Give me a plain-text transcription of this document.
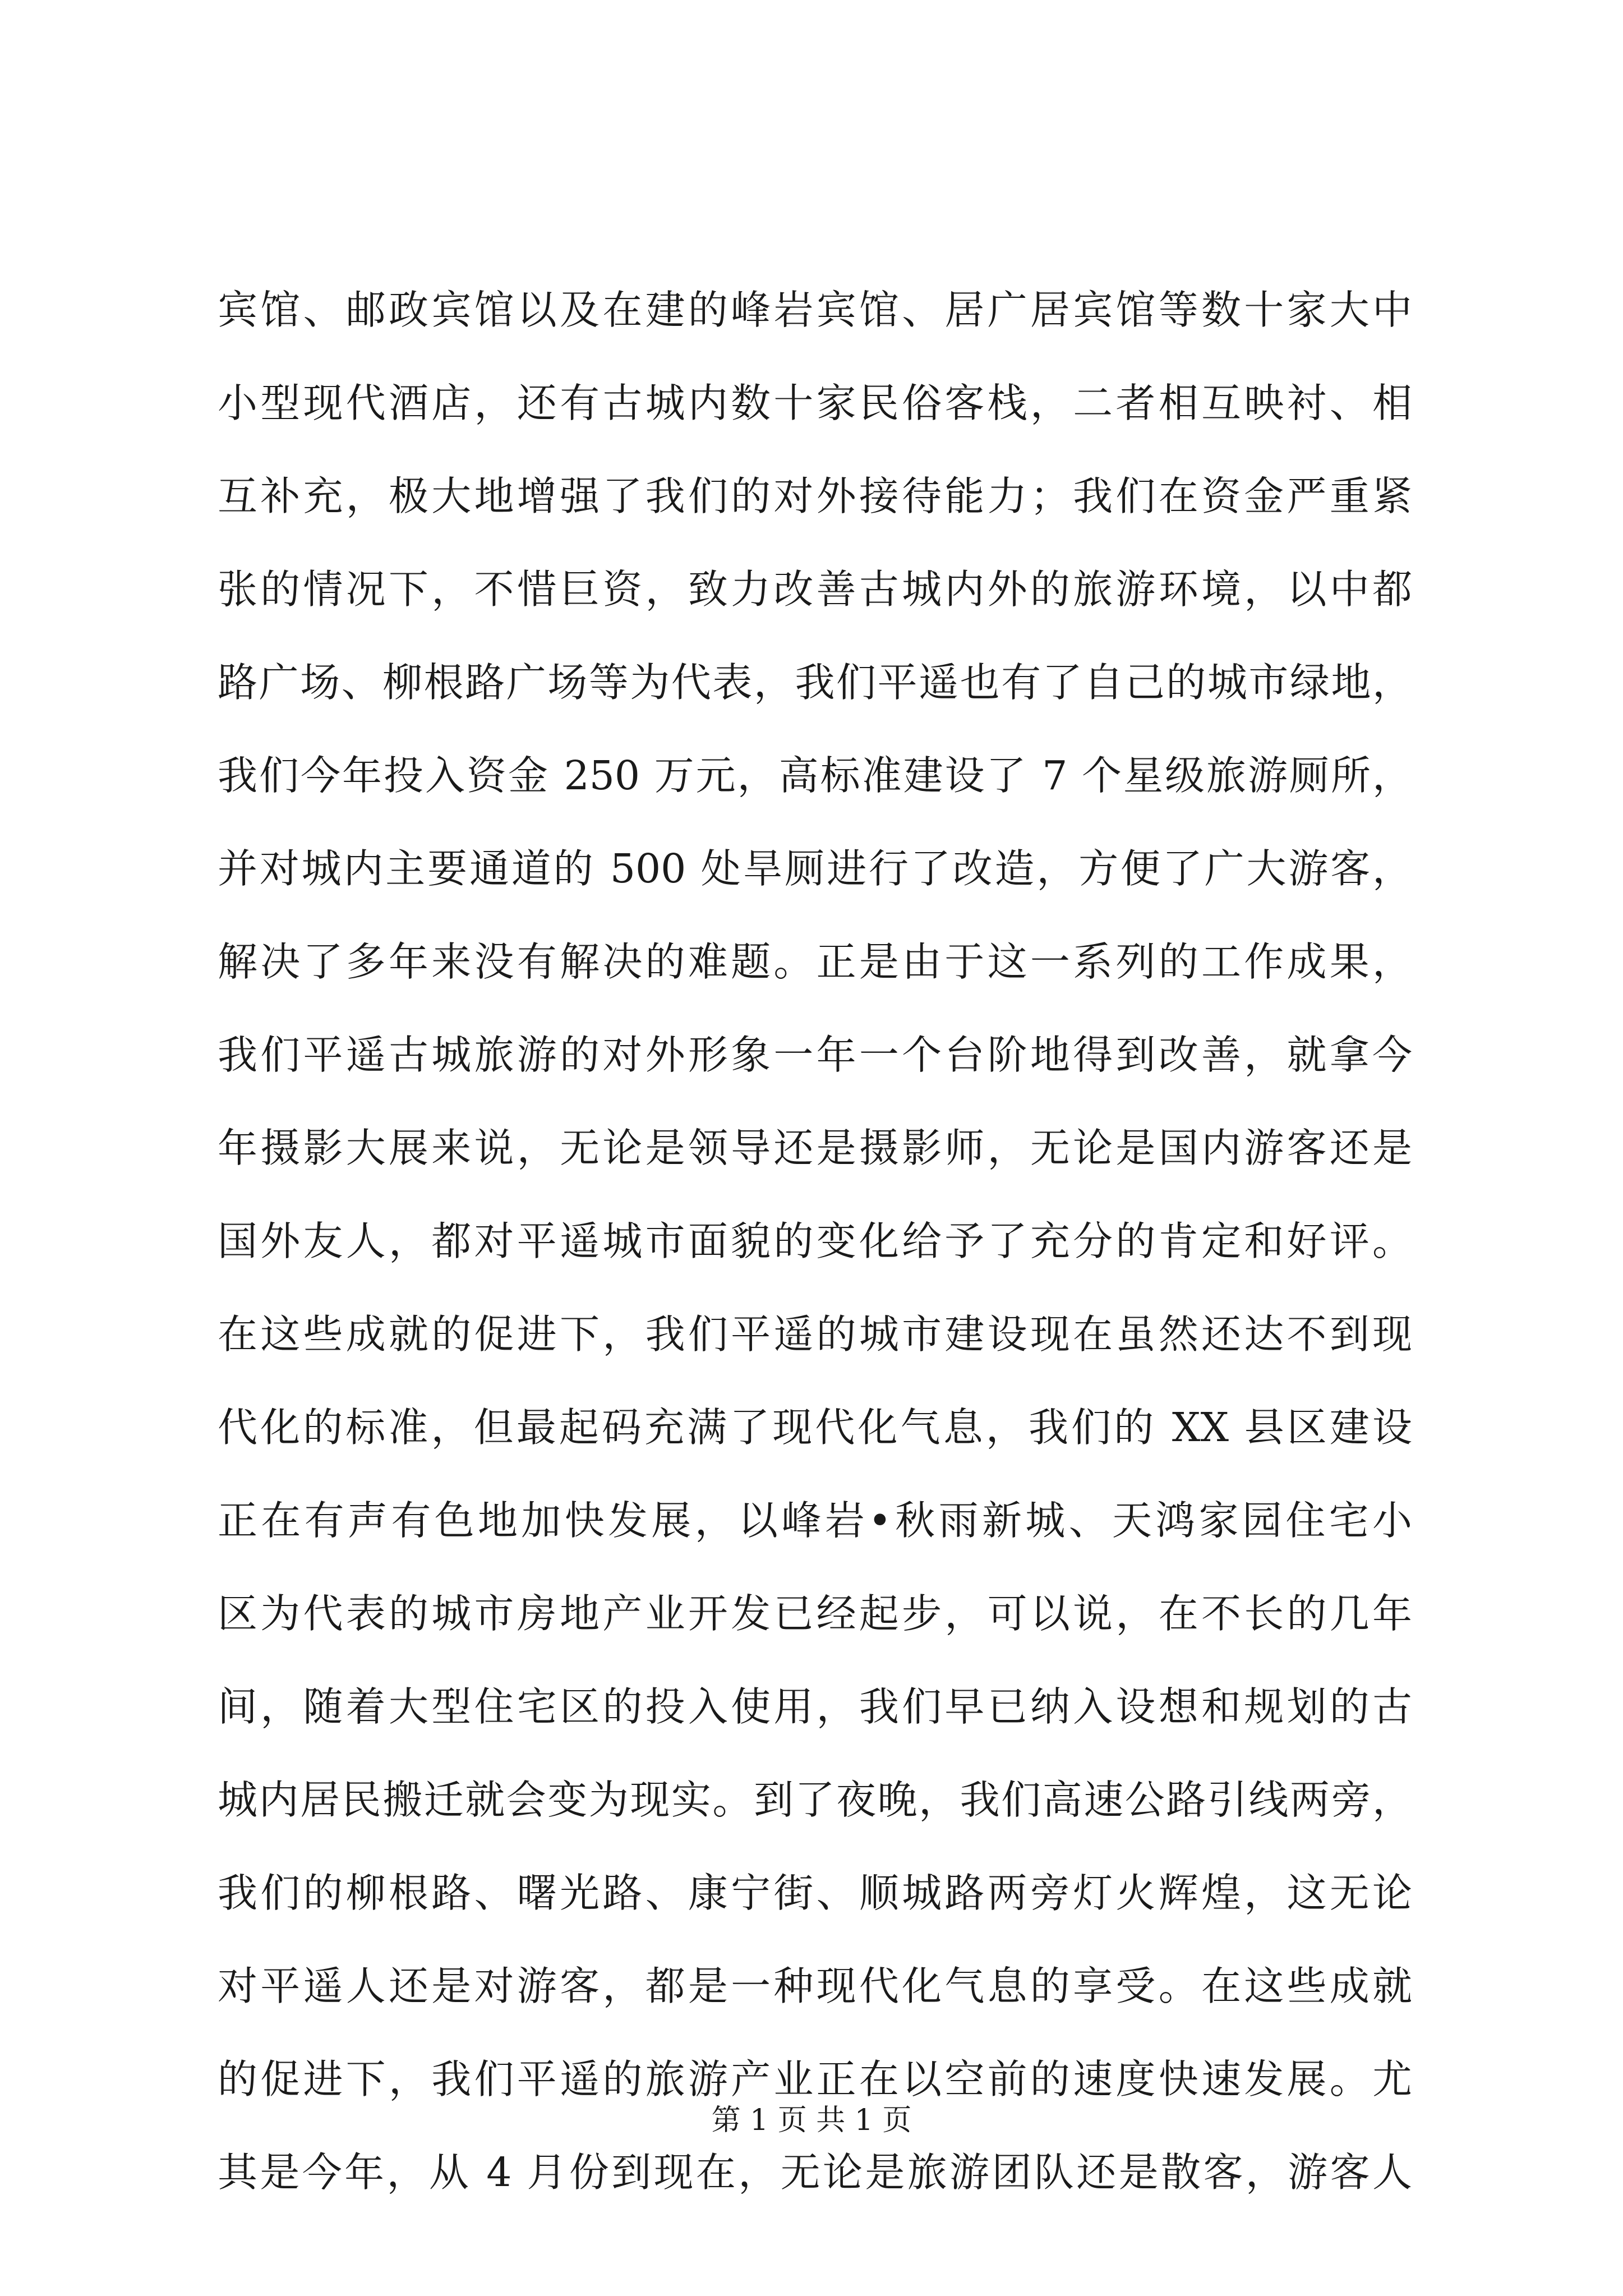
宾馆、邮政宾馆以及在建的峰岩宾馆、居广居宾馆等数十家大中
小型现代酒店，还有古城内数十家民俗客栈，二者相互映衬、相
互补充，极大地增强了我们的对外接待能力；我们在资金严重紧
张的情况下，不惜巨资，致力改善古城内外的旅游环境，以中都
路广场、柳根路广场等为代表，我们平遥也有了自己的城市绿地，
我们今年投入资金 250 万元，高标准建设了 7 个星级旅游厕所，
并对城内主要通道的 500 处旱厕进行了改造，方便了广大游客，
解决了多年来没有解决的难题。正是由于这一系列的工作成果，
我们平遥古城旅游的对外形象一年一个台阶地得到改善，就拿今
年摄影大展来说，无论是领导还是摄影师，无论是国内游客还是
国外友人，都对平遥城市面貌的变化给予了充分的肯定和好评。
在这些成就的促进下，我们平遥的城市建设现在虽然还达不到现
代化的标准，但最起码充满了现代化气息，我们的 XX 县区建设
正在有声有色地加快发展，以峰岩•秋雨新城、天鸿家园住宅小
区为代表的城市房地产业开发已经起步，可以说，在不长的几年
间，随着大型住宅区的投入使用，我们早已纳入设想和规划的古
城内居民搬迁就会变为现实。到了夜晚，我们高速公路引线两旁，
我们的柳根路、曙光路、康宁街、顺城路两旁灯火辉煌，这无论
对平遥人还是对游客，都是一种现代化气息的享受。在这些成就
的促进下，我们平遥的旅游产业正在以空前的速度快速发展。尤
其是今年，从 4 月份到现在，无论是旅游团队还是散客，游客人
第 1 页 共 1 页
